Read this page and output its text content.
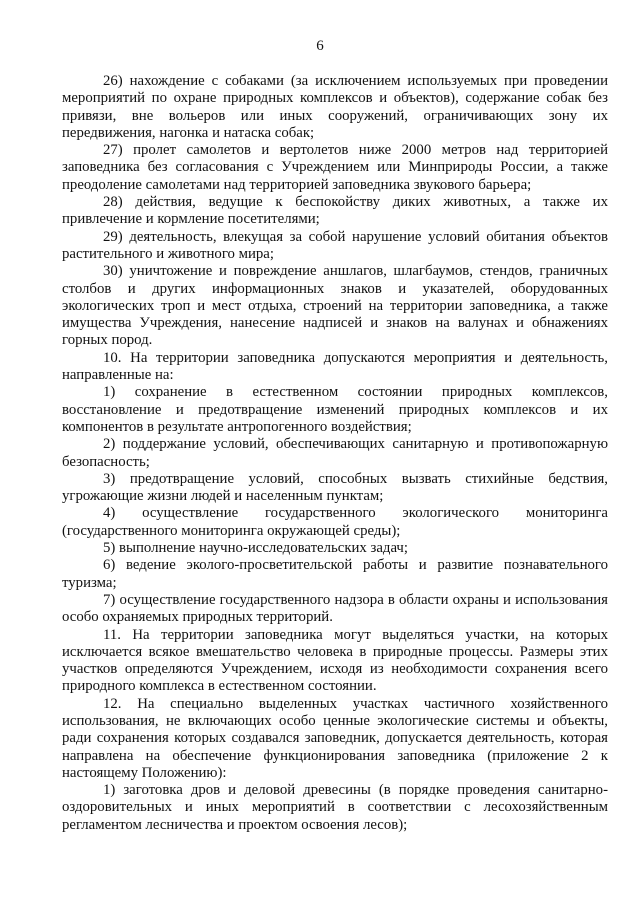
6

26) нахождение с собаками (за исключением используемых при проведении мероприятий по охране природных комплексов и объектов), содержание собак без привязи, вне вольеров или иных сооружений, ограничивающих зону их передвижения, нагонка и натаска собак;

27) пролет самолетов и вертолетов ниже 2000 метров над территорией заповедника без согласования с Учреждением или Минприроды России, а также преодоление самолетами над территорией заповедника звукового барьера;

28) действия, ведущие к беспокойству диких животных, а также их привлечение и кормление посетителями;

29) деятельность, влекущая за собой нарушение условий обитания объектов растительного и животного мира;

30) уничтожение и повреждение аншлагов, шлагбаумов, стендов, граничных столбов и других информационных знаков и указателей, оборудованных экологических троп и мест отдыха, строений на территории заповедника, а также имущества Учреждения, нанесение надписей и знаков на валунах и обнажениях горных пород.

10. На территории заповедника допускаются мероприятия и деятельность, направленные на:

1) сохранение в естественном состоянии природных комплексов, восстановление и предотвращение изменений природных комплексов и их компонентов в результате антропогенного воздействия;

2) поддержание условий, обеспечивающих санитарную и противопожарную безопасность;

3) предотвращение условий, способных вызвать стихийные бедствия, угрожающие жизни людей и населенным пунктам;

4) осуществление государственного экологического мониторинга (государственного мониторинга окружающей среды);

5) выполнение научно-исследовательских задач;

6) ведение эколого-просветительской работы и развитие познавательного туризма;

7) осуществление государственного надзора в области охраны и использования особо охраняемых природных территорий.

11. На территории заповедника могут выделяться участки, на которых исключается всякое вмешательство человека в природные процессы. Размеры этих участков определяются Учреждением, исходя из необходимости сохранения всего природного комплекса в естественном состоянии.

12. На специально выделенных участках частичного хозяйственного использования, не включающих особо ценные экологические системы и объекты, ради сохранения которых создавался заповедник, допускается деятельность, которая направлена на обеспечение функционирования заповедника (приложение 2 к настоящему Положению):

1) заготовка дров и деловой древесины (в порядке проведения санитарно-оздоровительных и иных мероприятий в соответствии с лесохозяйственным регламентом лесничества и проектом освоения лесов);
